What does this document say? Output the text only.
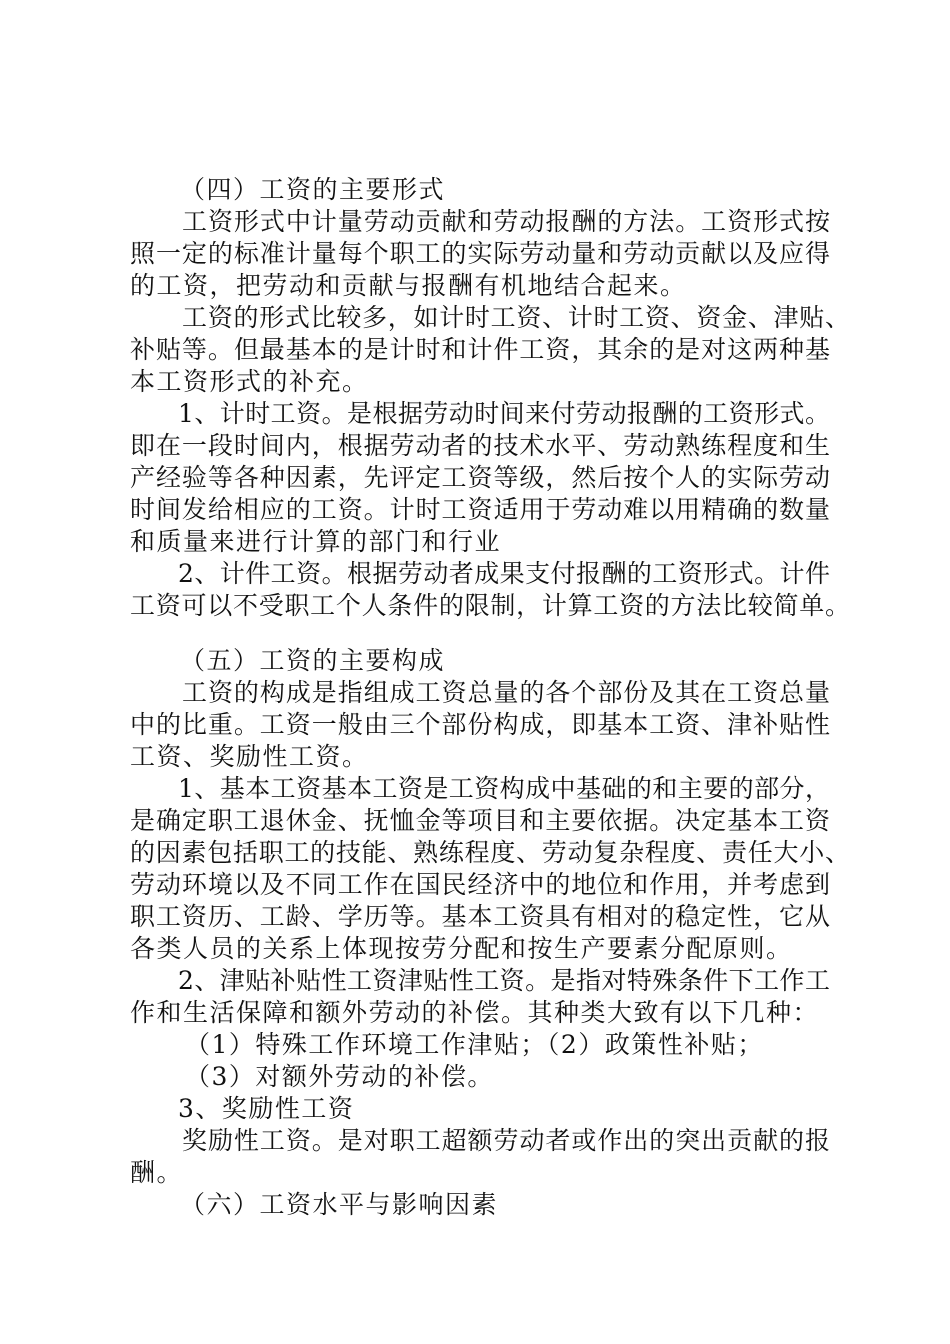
（四）工资的主要形式
工资形式中计量劳动贡献和劳动报酬的方法。工资形式按
照一定的标准计量每个职工的实际劳动量和劳动贡献以及应得
的工资，把劳动和贡献与报酬有机地结合起来。
工资的形式比较多，如计时工资、计时工资、资金、津贴、
补贴等。但最基本的是计时和计件工资，其余的是对这两种基
本工资形式的补充。
1、计时工资。是根据劳动时间来付劳动报酬的工资形式。
即在一段时间内，根据劳动者的技术水平、劳动熟练程度和生
产经验等各种因素，先评定工资等级，然后按个人的实际劳动
时间发给相应的工资。计时工资适用于劳动难以用精确的数量
和质量来进行计算的部门和行业
2、计件工资。根据劳动者成果支付报酬的工资形式。计件
工资可以不受职工个人条件的限制，计算工资的方法比较简单。
（五）工资的主要构成
工资的构成是指组成工资总量的各个部份及其在工资总量
中的比重。工资一般由三个部份构成，即基本工资、津补贴性
工资、奖励性工资。
1、基本工资基本工资是工资构成中基础的和主要的部分，
是确定职工退休金、抚恤金等项目和主要依据。决定基本工资
的因素包括职工的技能、熟练程度、劳动复杂程度、责任大小、
劳动环境以及不同工作在国民经济中的地位和作用，并考虑到
职工资历、工龄、学历等。基本工资具有相对的稳定性，它从
各类人员的关系上体现按劳分配和按生产要素分配原则。
2、津贴补贴性工资津贴性工资。是指对特殊条件下工作工
作和生活保障和额外劳动的补偿。其种类大致有以下几种：
（1）特殊工作环境工作津贴；（2）政策性补贴；
（3）对额外劳动的补偿。
3、奖励性工资
奖励性工资。是对职工超额劳动者或作出的突出贡献的报
酬。
（六）工资水平与影响因素
